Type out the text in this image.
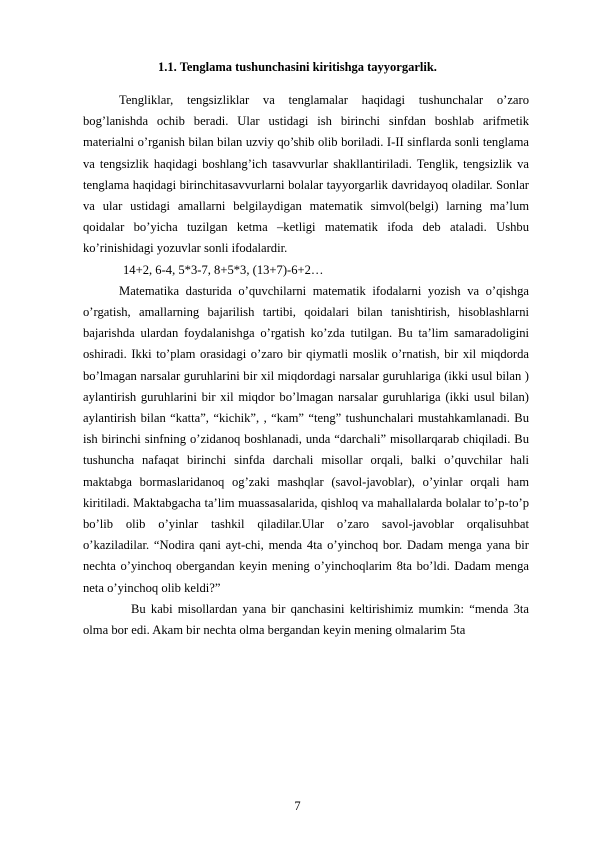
1.1. Tenglama tushunchasini kiritishga tayyorgarlik.

Tengliklar, tengsizliklar va tenglamalar haqidagi tushunchalar o’zaro bog’lanishda ochib beradi. Ular ustidagi ish birinchi sinfdan boshlab arifmetik materialni o’rganish bilan bilan uzviy qo’shib olib boriladi. I-II sinflarda sonli tenglama va tengsizlik haqidagi boshlang’ich tasavvurlar shakllantiriladi. Tenglik, tengsizlik va tenglama haqidagi birinchitasavvurlarni bolalar tayyorgarlik davridayoq oladilar. Sonlar va ular ustidagi amallarni belgilaydigan matematik simvol(belgi) larning ma’lum qoidalar bo’yicha tuzilgan ketma –ketligi matematik ifoda deb ataladi. Ushbu ko’rinishidagi yozuvlar sonli ifodalardir.

14+2, 6-4, 5*3-7, 8+5*3, (13+7)-6+2…

Matematika dasturida o’quvchilarni matematik ifodalarni yozish va o’qishga o’rgatish, amallarning bajarilish tartibi, qoidalari bilan tanishtirish, hisoblashlarni bajarishda ulardan foydalanishga o’rgatish ko’zda tutilgan. Bu ta’lim samaradoligini oshiradi. Ikki to’plam orasidagi o’zaro bir qiymatli moslik o’rnatish, bir xil miqdorda bo’lmagan narsalar guruhlarini bir xil miqdordagi narsalar guruhlariga (ikki usul bilan ) aylantirish guruhlarini bir xil miqdor bo’lmagan narsalar guruhlariga (ikki usul bilan) aylantirish bilan “katta”, “kichik”, , “kam” “teng” tushunchalari mustahkamlanadi. Bu ish birinchi sinfning o’zidanoq boshlanadi, unda “darchali” misollarqarab chiqiladi. Bu tushuncha nafaqat birinchi sinfda darchali misollar orqali, balki o’quvchilar hali maktabga bormaslaridanoq og’zaki mashqlar (savol-javoblar), o’yinlar orqali ham kiritiladi. Maktabgacha ta’lim muassasalarida, qishloq va mahallalarda bolalar to’p-to’p bo’lib olib o’yinlar tashkil qiladilar.Ular o’zaro savol-javoblar orqalisuhbat o’kaziladilar. “Nodira qani ayt-chi, menda 4ta o’yinchoq bor. Dadam menga yana bir nechta o’yinchoq obergandan keyin mening o’yinchoqlarim 8ta bo’ldi. Dadam menga neta o’yinchoq olib keldi?”

Bu kabi misollardan yana bir qanchasini keltirishimiz mumkin: “menda 3ta olma bor edi. Akam bir nechta olma bergandan keyin mening olmalarim 5ta

7
